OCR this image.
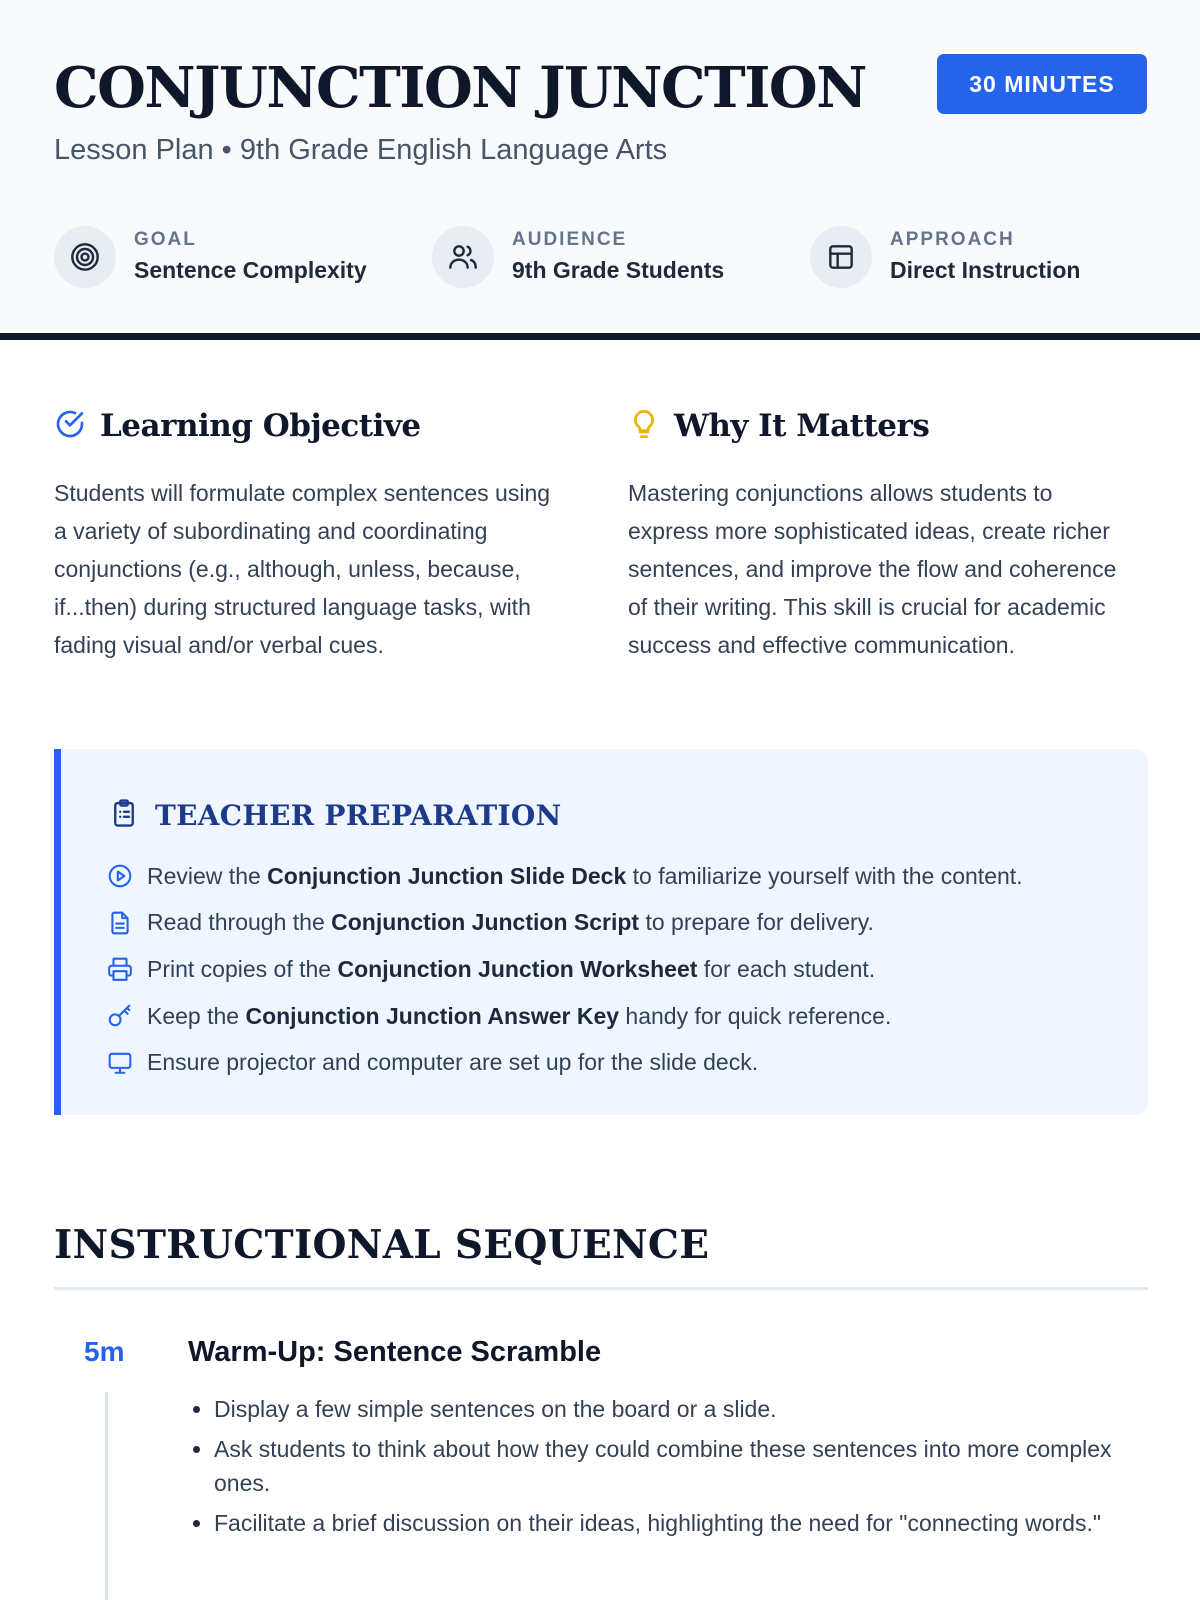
CONJUNCTION JUNCTION
Lesson Plan • 9th Grade English Language Arts
30 MINUTES
GOAL
Sentence Complexity
AUDIENCE
9th Grade Students
APPROACH
Direct Instruction
Learning Objective

Students will formulate complex sentences using a variety of subordinating and coordinating conjunctions (e.g., although, unless, because, if...then) during structured language tasks, with fading visual and/or verbal cues.

Why It Matters

Mastering conjunctions allows students to express more sophisticated ideas, create richer sentences, and improve the flow and coherence of their writing. This skill is crucial for academic success and effective communication.

TEACHER PREPARATION
Review the Conjunction Junction Slide Deck to familiarize yourself with the content.
Read through the Conjunction Junction Script to prepare for delivery.
Print copies of the Conjunction Junction Worksheet for each student.
Keep the Conjunction Junction Answer Key handy for quick reference.
Ensure projector and computer are set up for the slide deck.
INSTRUCTIONAL SEQUENCE
5m Warm-Up: Sentence Scramble
• Display a few simple sentences on the board or a slide.
• Ask students to think about how they could combine these sentences into more complex ones.
• Facilitate a brief discussion on their ideas, highlighting the need for "connecting words."
